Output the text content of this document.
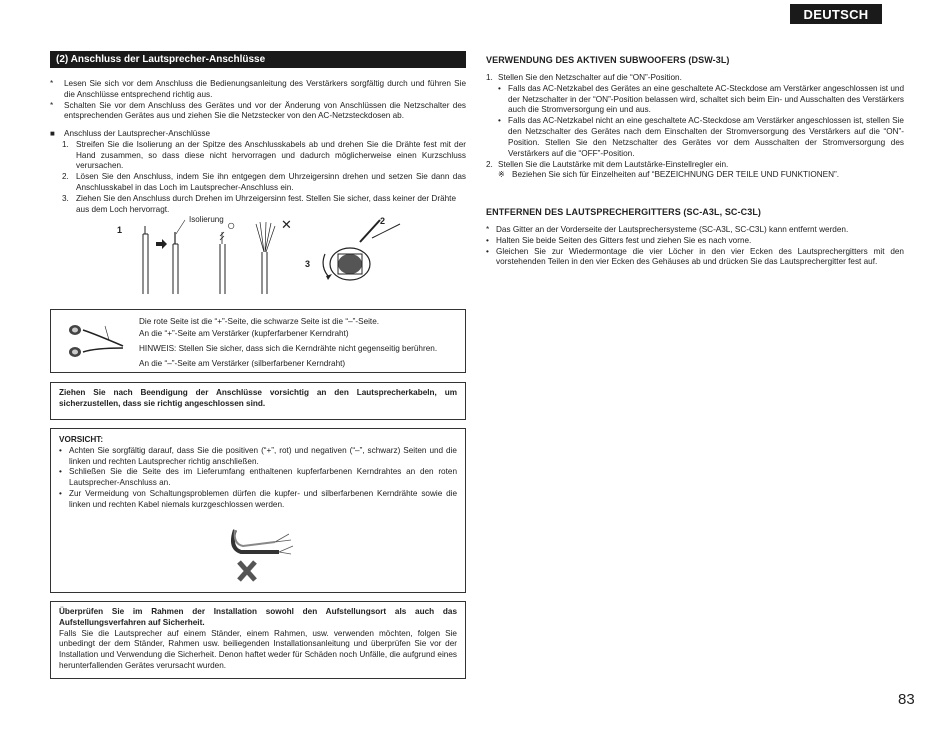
DEUTSCH
(2) Anschluss der Lautsprecher-Anschlüsse
* Lesen Sie sich vor dem Anschluss die Bedienungsanleitung des Verstärkers sorgfältig durch und führen Sie die Anschlüsse entsprechend richtig aus.
* Schalten Sie vor dem Anschluss des Gerätes und vor der Änderung von Anschlüssen die Netzschalter des entsprechenden Gerätes aus und ziehen Sie die Netzstecker von den AC-Netzsteckdosen ab.
■ Anschluss der Lautsprecher-Anschlüsse
1. Streifen Sie die Isolierung an der Spitze des Anschlusskabels ab und drehen Sie die Drähte fest mit der Hand zusammen, so dass diese nicht hervorragen und dadurch möglicherweise einen Kurzschluss verursachen.
2. Lösen Sie den Anschluss, indem Sie ihn entgegen dem Uhrzeigersinn drehen und setzen Sie dann das Anschlusskabel in das Loch im Lautsprecher-Anschluss ein.
3. Ziehen Sie den Anschluss durch Drehen im Uhrzeigersinn fest. Stellen Sie sicher, dass keiner der Drähte aus dem Loch hervorragt.
1
Isolierung	2
3
○	✕
Die rote Seite ist die “+”-Seite, die schwarze Seite ist die “–”-Seite.
An die “+”-Seite am Verstärker (kupferfarbener Kerndraht)
HINWEIS: Stellen Sie sicher, dass sich die Kerndrähte nicht gegenseitig berühren.
An die “–”-Seite am Verstärker (silberfarbener Kerndraht)
Ziehen Sie nach Beendigung der Anschlüsse vorsichtig an den Lautsprecherkabeln, um sicherzustellen, dass sie richtig angeschlossen sind.
VORSICHT:
• Achten Sie sorgfältig darauf, dass Sie die positiven (“+”, rot) und negativen (“–”, schwarz) Seiten und die linken und rechten Lautsprecher richtig anschließen.
• Schließen Sie die Seite des im Lieferumfang enthaltenen kupferfarbenen Kerndrahtes an den roten Lautsprecher-Anschluss an.
• Zur Vermeidung von Schaltungsproblemen dürfen die kupfer- und silberfarbenen Kerndrähte sowie die linken und rechten Kabel niemals kurzgeschlossen werden.
Überprüfen Sie im Rahmen der Installation sowohl den Aufstellungsort als auch das Aufstellungsverfahren auf Sicherheit.
Falls Sie die Lautsprecher auf einem Ständer, einem Rahmen, usw. verwenden möchten, folgen Sie unbedingt der dem Ständer, Rahmen usw. beiliegenden Installationsanleitung und überprüfen Sie vor der Installation und Verwendung die Sicherheit. Denon haftet weder für Schäden noch Unfälle, die aufgrund eines herunterfallenden Gerätes verursacht wurden.
VERWENDUNG DES AKTIVEN SUBWOOFERS (DSW-3L)
1. Stellen Sie den Netzschalter auf die “ON”-Position.
• Falls das AC-Netzkabel des Gerätes an eine geschaltete AC-Steckdose am Verstärker angeschlossen ist und der Netzschalter in der “ON”-Position belassen wird, schaltet sich beim Ein- und Ausschalten des Verstärkers auch die Stromversorgung ein und aus.
• Falls das AC-Netzkabel nicht an eine geschaltete AC-Steckdose am Verstärker angeschlossen ist, stellen Sie den Netzschalter des Gerätes nach dem Einschalten der Stromversorgung des Verstärkers auf die “ON”-Position. Stellen Sie den Netzschalter des Gerätes vor dem Ausschalten der Stromversorgung des Verstärkers auf die “OFF”-Position.
2. Stellen Sie die Lautstärke mit dem Lautstärke-Einstellregler ein.
※ Beziehen Sie sich für Einzelheiten auf “BEZEICHNUNG DER TEILE UND FUNKTIONEN”.
ENTFERNEN DES LAUTSPRECHERGITTERS (SC-A3L, SC-C3L)
* Das Gitter an der Vorderseite der Lautsprechersysteme (SC-A3L, SC-C3L) kann entfernt werden.
• Halten Sie beide Seiten des Gitters fest und ziehen Sie es nach vorne.
• Gleichen Sie zur Wiedermontage die vier Löcher in den vier Ecken des Lautsprechergitters mit den vorstehenden Teilen in den vier Ecken des Gehäuses ab und drücken Sie das Lautsprechergitter fest auf.
83
